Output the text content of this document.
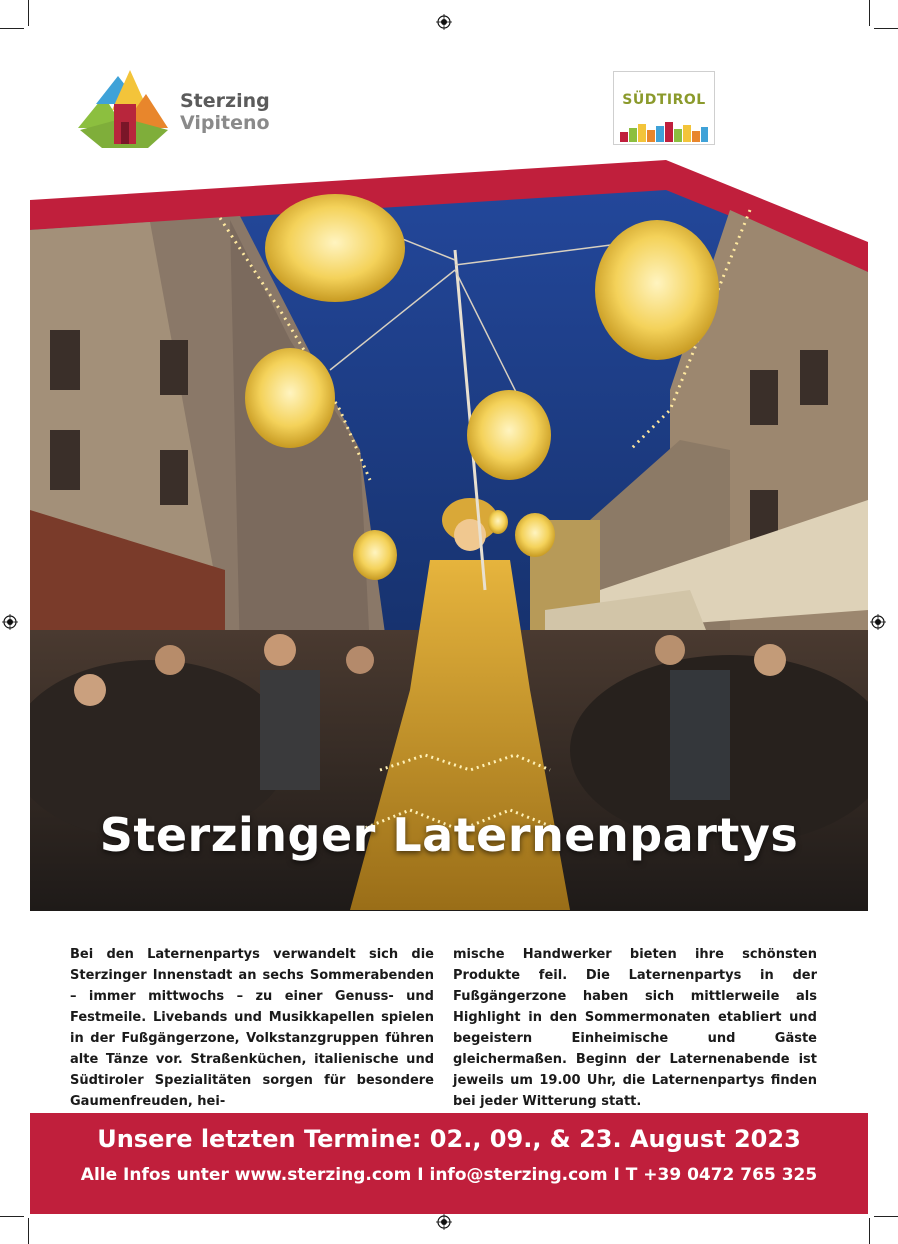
Sterzing
Vipiteno
SÜDTIROL
Sterzinger Laternenpartys
Bei den Laternenpartys verwandelt sich die Sterzinger Innenstadt an sechs Sommerabenden – immer mittwochs – zu einer Genuss- und Festmeile. Livebands und Musikkapellen spielen in der Fußgängerzone, Volkstanzgruppen führen alte Tänze vor. Straßenküchen, italienische und Südtiroler Spezialitäten sorgen für besondere Gaumenfreuden, hei-
mische Handwerker bieten ihre schönsten Produkte feil. Die Laternenpartys in der Fußgängerzone haben sich mittlerweile als Highlight in den Sommermonaten etabliert und begeistern Einheimische und Gäste gleichermaßen. Beginn der Laternenabende ist jeweils um 19.00 Uhr, die Laternenpartys finden bei jeder Witterung statt.
Unsere letzten Termine: 02., 09., & 23. August 2023
Alle Infos unter www.sterzing.com I info@sterzing.com I T +39 0472 765 325
